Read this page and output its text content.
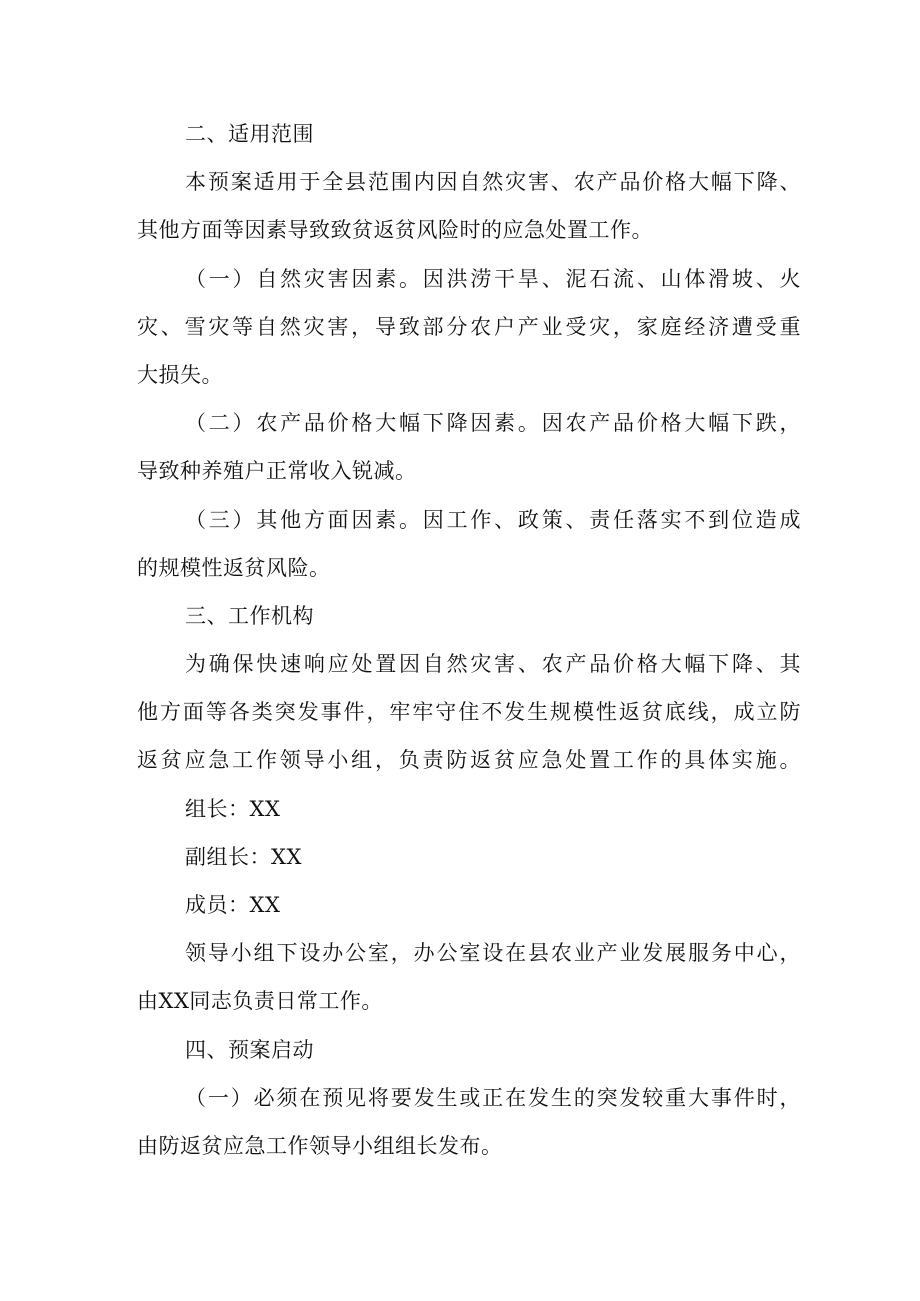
二、适用范围
本预案适用于全县范围内因自然灾害、农产品价格大幅下降、
其他方面等因素导致致贫返贫风险时的应急处置工作。
（一）自然灾害因素。因洪涝干旱、泥石流、山体滑坡、火
灾、雪灾等自然灾害，导致部分农户产业受灾，家庭经济遭受重
大损失。
（二）农产品价格大幅下降因素。因农产品价格大幅下跌，
导致种养殖户正常收入锐减。
（三）其他方面因素。因工作、政策、责任落实不到位造成
的规模性返贫风险。
三、工作机构
为确保快速响应处置因自然灾害、农产品价格大幅下降、其
他方面等各类突发事件，牢牢守住不发生规模性返贫底线，成立防
返贫应急工作领导小组，负责防返贫应急处置工作的具体实施。
组长：XX
副组长：XX
成员：XX
领导小组下设办公室，办公室设在县农业产业发展服务中心，
由XX同志负责日常工作。
四、预案启动
（一）必须在预见将要发生或正在发生的突发较重大事件时，
由防返贫应急工作领导小组组长发布。
